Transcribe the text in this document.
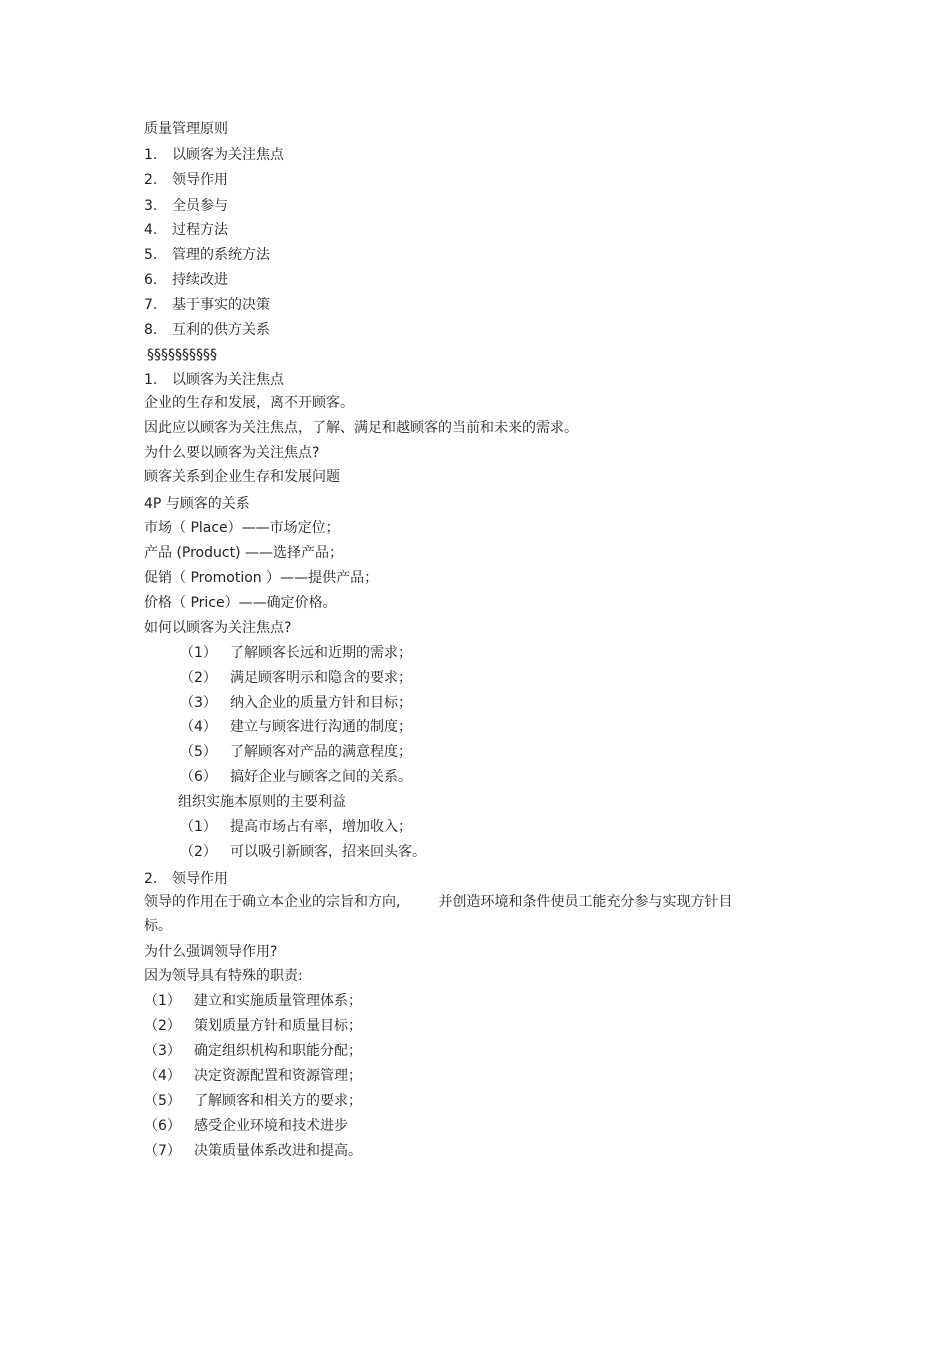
质量管理原则
1. 以顾客为关注焦点
2. 领导作用
3. 全员参与
4. 过程方法
5. 管理的系统方法
6. 持续改进
7. 基于事实的决策
8. 互利的供方关系
§§§§§§§§§§
1. 以顾客为关注焦点
企业的生存和发展，离不开顾客。
因此应以顾客为关注焦点，了解、满足和越顾客的当前和未来的需求。
为什么要以顾客为关注焦点?
顾客关系到企业生存和发展问题
4P 与顾客的关系
市场（ Place）——市场定位；
产品 (Product) ——选择产品；
促销（ Promotion ）——提供产品；
价格（ Price）——确定价格。
如何以顾客为关注焦点?
（1） 了解顾客长远和近期的需求；
（2） 满足顾客明示和隐含的要求；
（3） 纳入企业的质量方针和目标；
（4） 建立与顾客进行沟通的制度；
（5） 了解顾客对产品的满意程度；
（6） 搞好企业与顾客之间的关系。
组织实施本原则的主要利益
（1） 提高市场占有率，增加收入；
（2） 可以吸引新顾客，招来回头客。
2. 领导作用
领导的作用在于确立本企业的宗旨和方向,	并创造环境和条件使员工能充分参与实现方针目
标。
为什么强调领导作用?
因为领导具有特殊的职责:
（1） 建立和实施质量管理体系；
（2） 策划质量方针和质量目标；
（3） 确定组织机构和职能分配；
（4） 决定资源配置和资源管理；
（5） 了解顾客和相关方的要求；
（6） 感受企业环境和技术进步
（7） 决策质量体系改进和提高。
